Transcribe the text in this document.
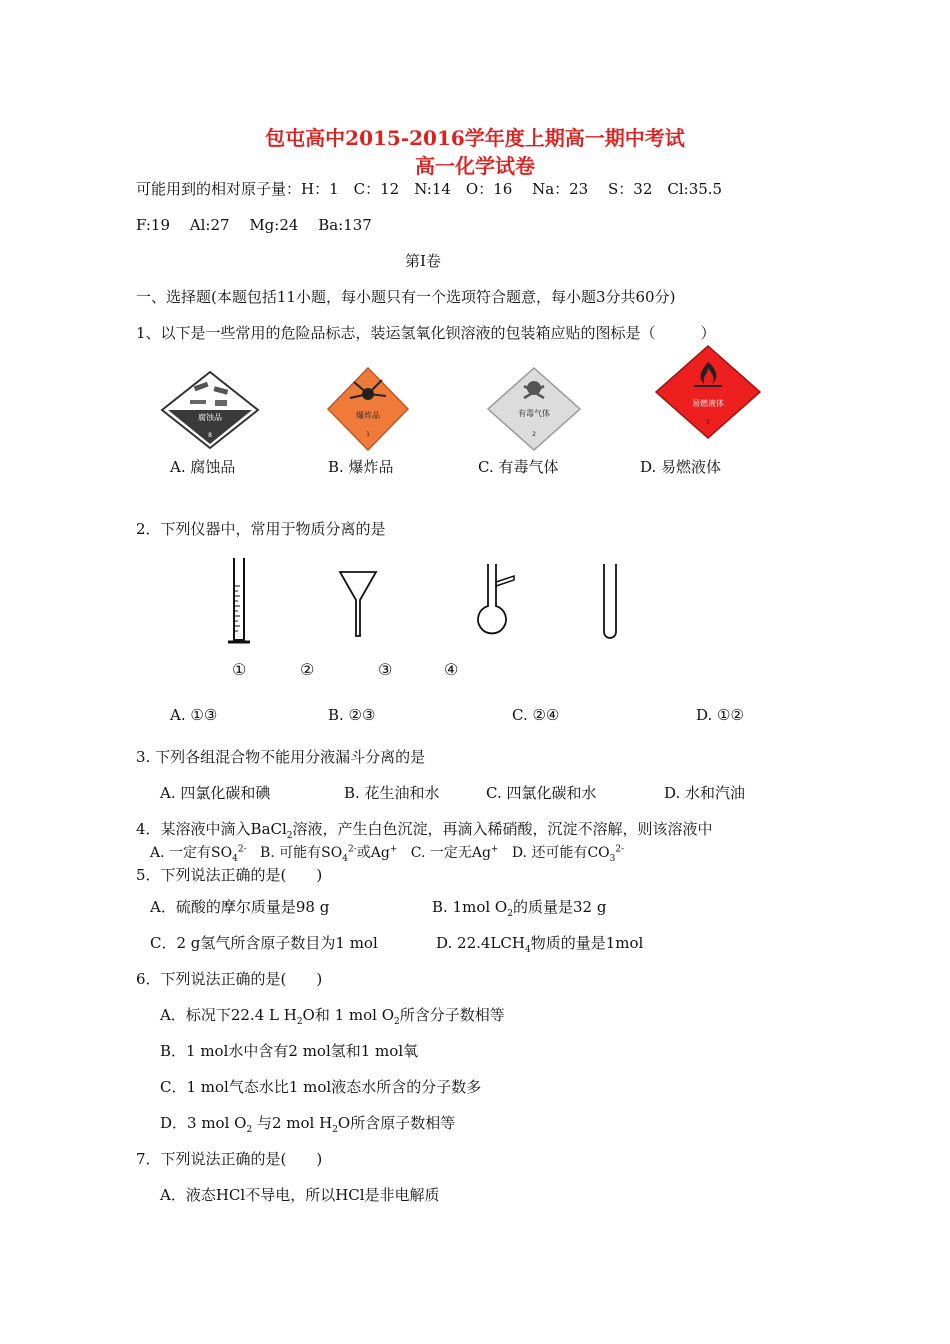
包屯高中2015-2016学年度上期高一期中考试
高一化学试卷
可能用到的相对原子量：H：1　C：12　N:14　O：16　 Na：23　 S：32　Cl:35.5
F:19　 Al:27　 Mg:24　 Ba:137
第Ⅰ卷
一、选择题(本题包括11小题，每小题只有一个选项符合题意，每小题3分共60分)
1、以下是一些常用的危险品标志，装运氢氧化钡溶液的包装箱应贴的图标是（　　　）
腐蚀品
8
爆炸品
1
有毒气体
2
易燃液体
3
A. 腐蚀品	B. 爆炸品	C. 有毒气体	D. 易燃液体
2．下列仪器中，常用于物质分离的是
①	②	③	④
A. ①③	B. ②③	C. ②④	D. ①②
3. 下列各组混合物不能用分液漏斗分离的是
A. 四氯化碳和碘	B. 花生油和水	C. 四氯化碳和水	D. 水和汽油
4．某溶液中滴入BaCl$_2$溶液，产生白色沉淀，再滴入稀硝酸，沉淀不溶解，则该溶液中
A. 一定有$SO_4^{2-}$ B. 可能有$SO_4^{2-}$或Ag+ C. 一定无Ag+ D. 还可能有$CO_3^{2-}$
5．下列说法正确的是(　　)
A．硫酸的摩尔质量是98 g	B. 1mol $O_2$的质量是32 g
C．2 g氢气所含原子数目为1 mol	D. $22.4LCH_4$物质的量是1mol
6．下列说法正确的是(　　)
A．标况下22.4 L $H_2O$和 1 mol $O_2$所含分子数相等
B．1 mol水中含有2 mol氢和1 mol氧
C．1 mol气态水比1 mol液态水所含的分子数多
D．3 mol $O_2$ 与2 mol $H_2O$所含原子数相等
7．下列说法正确的是(　　)
A．液态HCl不导电，所以HCl是非电解质
